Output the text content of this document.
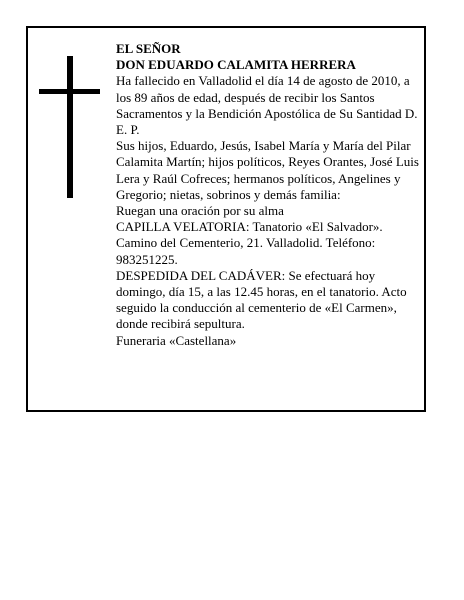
EL SEÑOR

DON EDUARDO CALAMITA HERRERA

Ha fallecido en Valladolid el día 14 de agosto de 2010, a los 89 años de edad, después de recibir los Santos Sacramentos y la Bendición Apostólica de Su Santidad D. E. P.

Sus hijos, Eduardo, Jesús, Isabel María y María del Pilar Calamita Martín; hijos políticos, Reyes Orantes, José Luis Lera y Raúl Cofreces; hermanos políticos, Angelines y Gregorio; nietas, sobrinos y demás familia:

Ruegan una oración por su alma

CAPILLA VELATORIA: Tanatorio «El Salvador». Camino del Cementerio, 21. Valladolid. Teléfono: 983251225.

DESPEDIDA DEL CADÁVER: Se efectuará hoy domingo, día 15, a las 12.45 horas, en el tanatorio. Acto seguido la conducción al cementerio de «El Carmen», donde recibirá sepultura.

Funeraria «Castellana»
